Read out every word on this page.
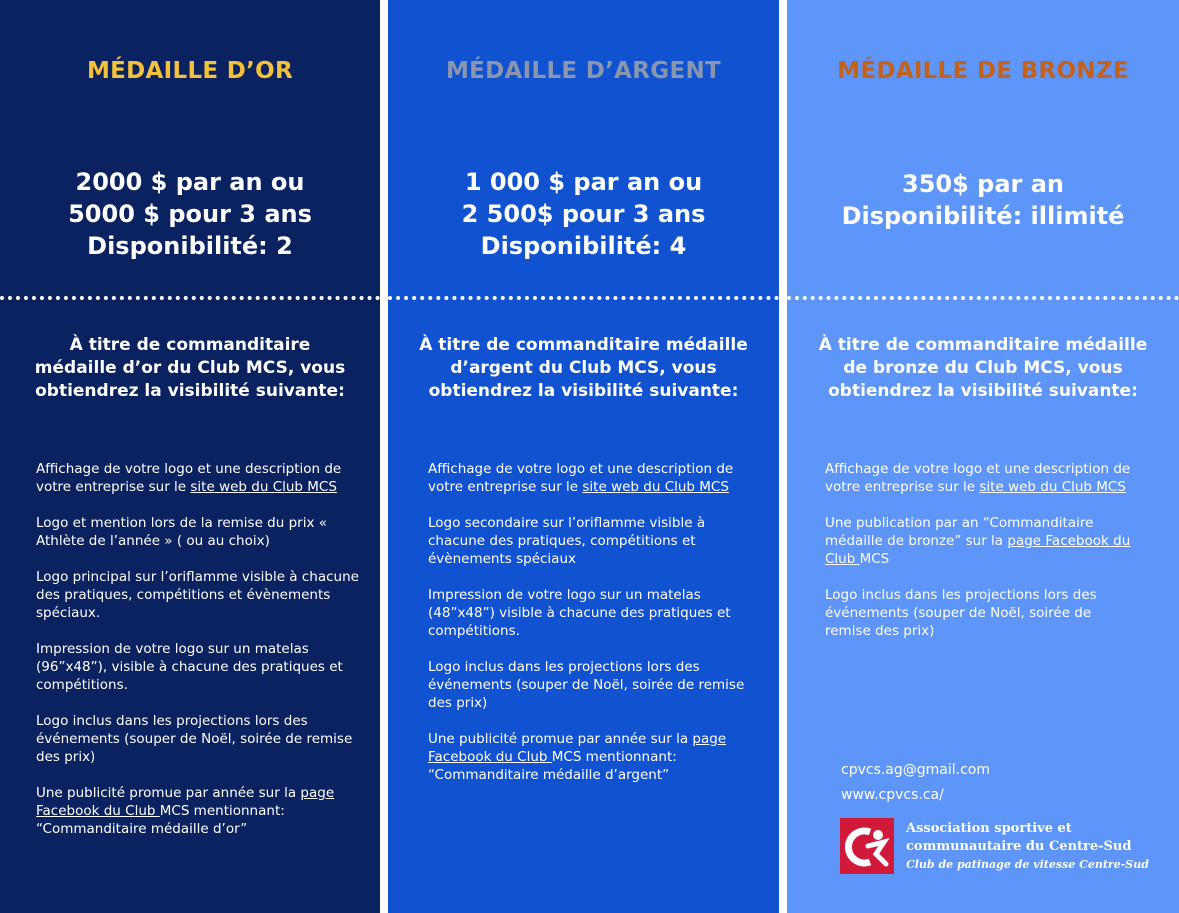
MÉDAILLE D’OR
2000 $ par an ou
5000 $ pour 3 ans
Disponibilité: 2
À titre de commanditaire médaille d’or du Club MCS, vous obtiendrez la visibilité suivante:
Affichage de votre logo et une description de votre entreprise sur le site web du Club MCS
Logo et mention lors de la remise du prix « Athlète de l’année » ( ou au choix)
Logo principal sur l’oriflamme visible à chacune des pratiques, compétitions et évènements spéciaux.
Impression de votre logo sur un matelas (96”x48”), visible à chacune des pratiques et compétitions.
Logo inclus dans les projections lors des événements (souper de Noël, soirée de remise des prix)
Une publicité promue par année sur la page Facebook du Club MCS mentionnant: “Commanditaire médaille d’or”
MÉDAILLE D’ARGENT
1 000 $ par an ou
2 500$ pour 3 ans
Disponibilité: 4
À titre de commanditaire médaille d’argent du Club MCS, vous obtiendrez la visibilité suivante:
Affichage de votre logo et une description de votre entreprise sur le site web du Club MCS
Logo secondaire sur l’oriflamme visible à chacune des pratiques, compétitions et évènements spéciaux
Impression de votre logo sur un matelas (48”x48”) visible à chacune des pratiques et compétitions.
Logo inclus dans les projections lors des événements (souper de Noël, soirée de remise des prix)
Une publicité promue par année sur la page Facebook du Club MCS mentionnant: “Commanditaire médaille d’argent”
MÉDAILLE DE BRONZE
350$ par an
Disponibilité: illimité
À titre de commanditaire médaille de bronze du Club MCS, vous obtiendrez la visibilité suivante:
Affichage de votre logo et une description de votre entreprise sur le site web du Club MCS
Une publication par an “Commanditaire médaille de bronze” sur la page Facebook du Club MCS
Logo inclus dans les projections lors des événements (souper de Noël, soirée de remise des prix)
cpvcs.ag@gmail.com
www.cpvcs.ca/
Association sportive et
communautaire du Centre-Sud
Club de patinage de vitesse Centre-Sud
